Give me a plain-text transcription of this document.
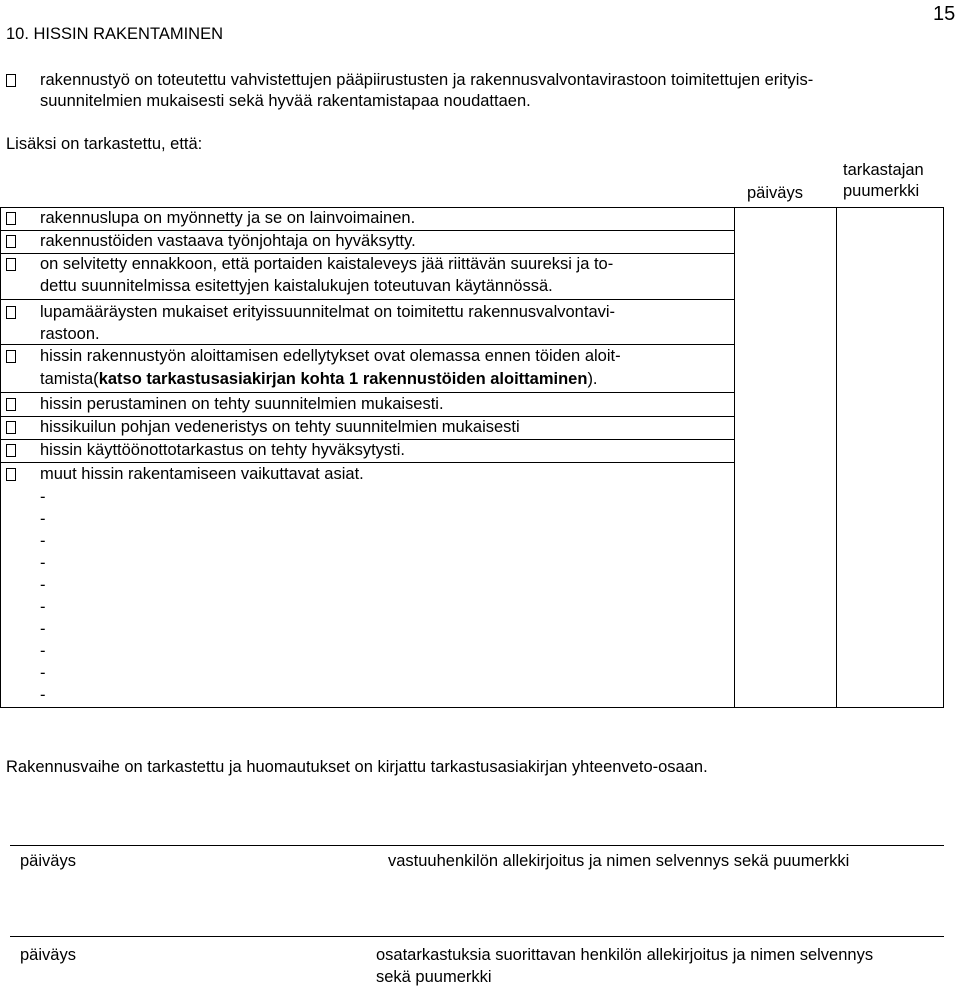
10. HISSIN RAKENTAMINEN
15
rakennustyö on toteutettu vahvistettujen pääpiirustusten ja rakennusvalvontavirastoon toimitettujen erityis-
suunnitelmien mukaisesti sekä hyvää rakentamistapaa noudattaen.
Lisäksi on tarkastettu, että:
päiväys
tarkastajan
puumerkki
rakennuslupa on myönnetty ja se on lainvoimainen.
rakennustöiden vastaava työnjohtaja on hyväksytty.
on selvitetty ennakkoon, että portaiden kaistaleveys jää riittävän suureksi ja to-
dettu suunnitelmissa esitettyjen kaistalukujen toteutuvan käytännössä.
lupamääräysten mukaiset erityissuunnitelmat on toimitettu rakennusvalvontavi-
rastoon.
hissin rakennustyön aloittamisen edellytykset ovat olemassa ennen töiden aloit-
tamista(katso tarkastusasiakirjan kohta 1 rakennustöiden aloittaminen).
hissin perustaminen on tehty suunnitelmien mukaisesti.
hissikuilun pohjan vedeneristys on tehty suunnitelmien mukaisesti
hissin käyttöönottotarkastus on tehty hyväksytysti.
muut hissin rakentamiseen vaikuttavat asiat.
-
-
-
-
-
-
-
-
-
-
Rakennusvaihe on tarkastettu ja huomautukset on kirjattu tarkastusasiakirjan yhteenveto-osaan.
päiväys	vastuuhenkilön allekirjoitus ja nimen selvennys sekä puumerkki
päiväys	osatarkastuksia suorittavan henkilön allekirjoitus ja nimen selvennys
sekä puumerkki
